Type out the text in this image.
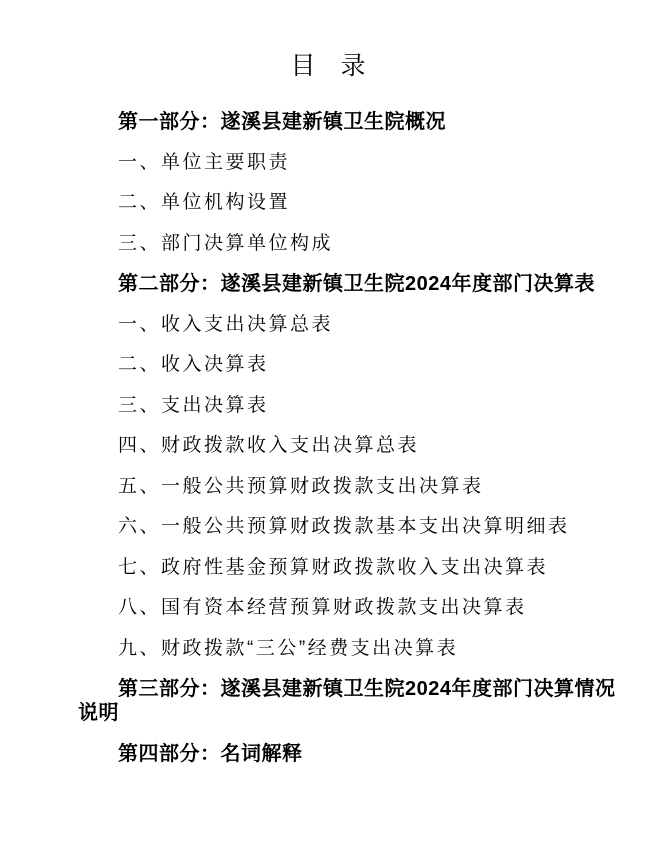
目　录

第一部分：遂溪县建新镇卫生院概况

一、单位主要职责

二、单位机构设置

三、部门决算单位构成

第二部分：遂溪县建新镇卫生院2024年度部门决算表

一、收入支出决算总表

二、收入决算表

三、支出决算表

四、财政拨款收入支出决算总表

五、一般公共预算财政拨款支出决算表

六、一般公共预算财政拨款基本支出决算明细表

七、政府性基金预算财政拨款收入支出决算表

八、国有资本经营预算财政拨款支出决算表

九、财政拨款“三公”经费支出决算表

第三部分：遂溪县建新镇卫生院2024年度部门决算情况说明

第四部分：名词解释
